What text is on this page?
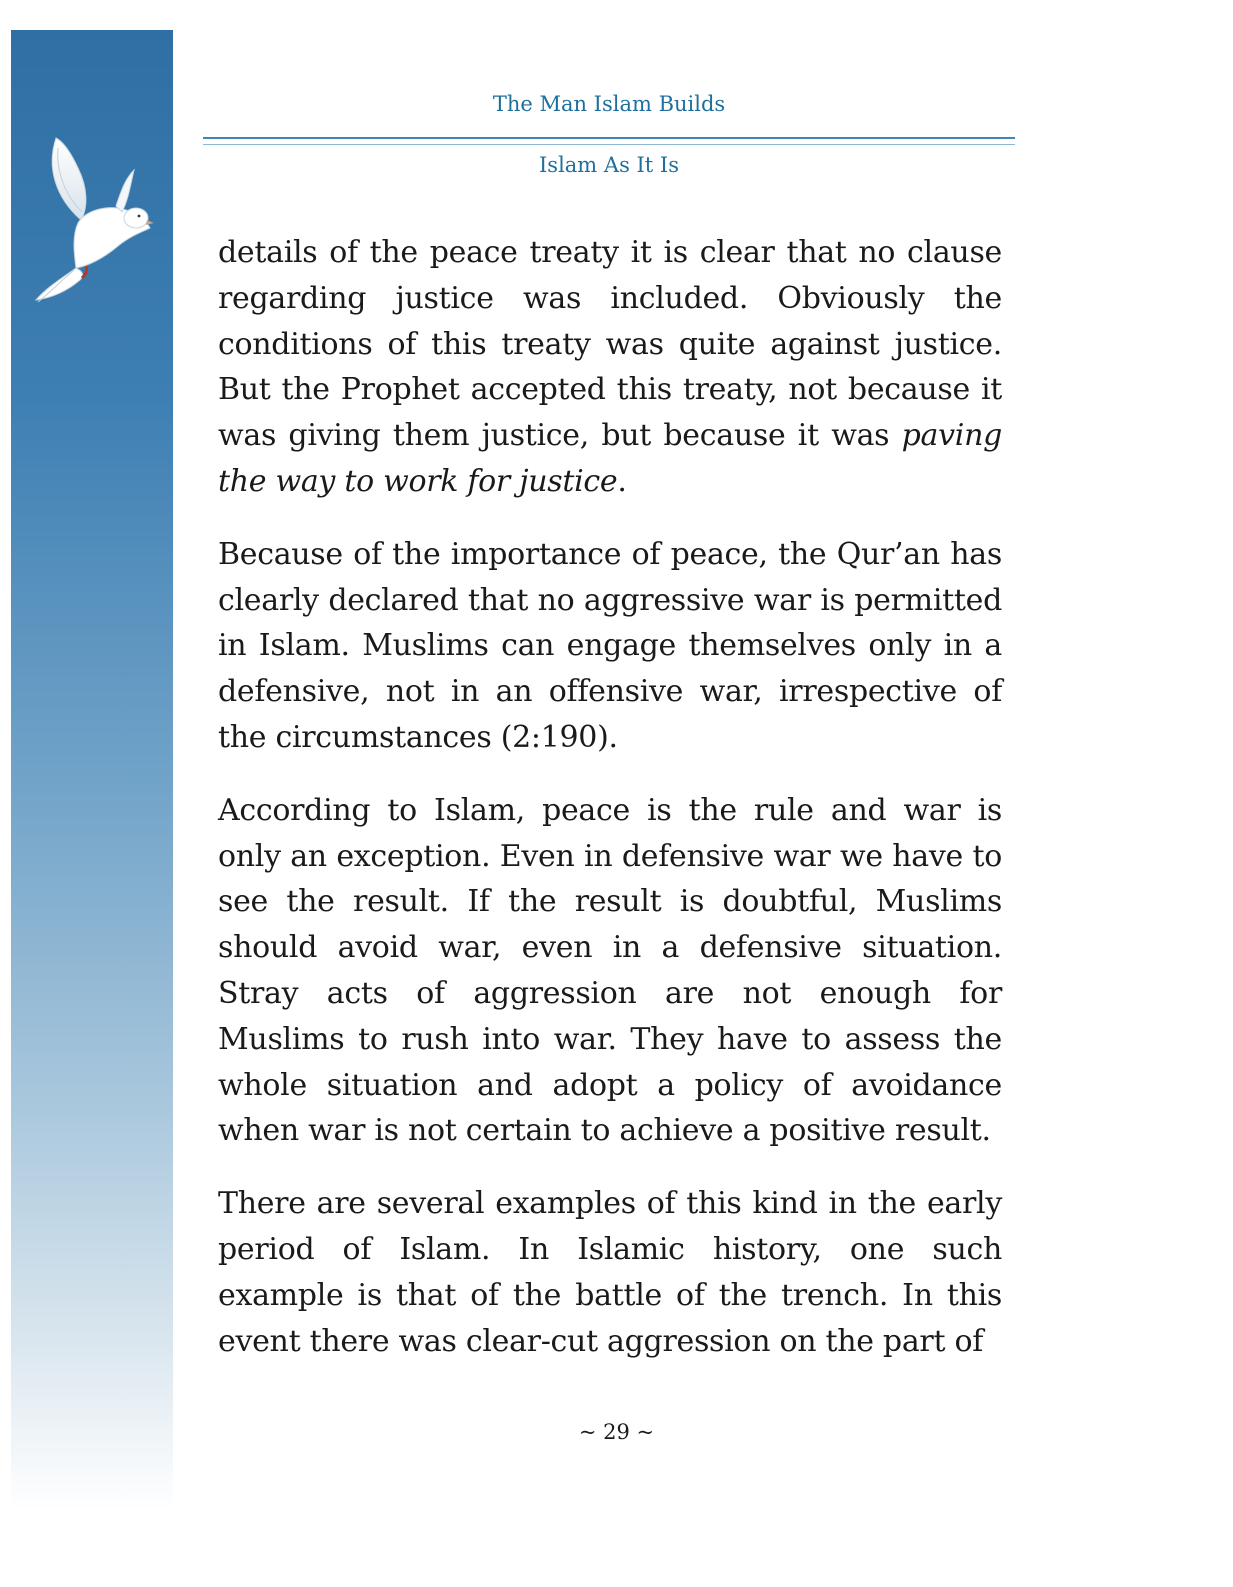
The Man Islam Builds
Islam As It Is

details of the peace treaty it is clear that no clause regarding justice was included. Obviously the conditions of this treaty was quite against justice. But the Prophet accepted this treaty, not because it was giving them justice, but because it was paving the way to work for justice.

Because of the importance of peace, the Qur’an has clearly declared that no aggressive war is permitted in Islam. Muslims can engage themselves only in a defensive, not in an offensive war, irrespective of the circumstances (2:190).

According to Islam, peace is the rule and war is only an exception. Even in defensive war we have to see the result. If the result is doubtful, Muslims should avoid war, even in a defensive situation. Stray acts of aggression are not enough for Muslims to rush into war. They have to assess the whole situation and adopt a policy of avoidance when war is not certain to achieve a positive result.

There are several examples of this kind in the early period of Islam. In Islamic history, one such example is that of the battle of the trench. In this event there was clear-cut aggression on the part of

~ 29 ~
